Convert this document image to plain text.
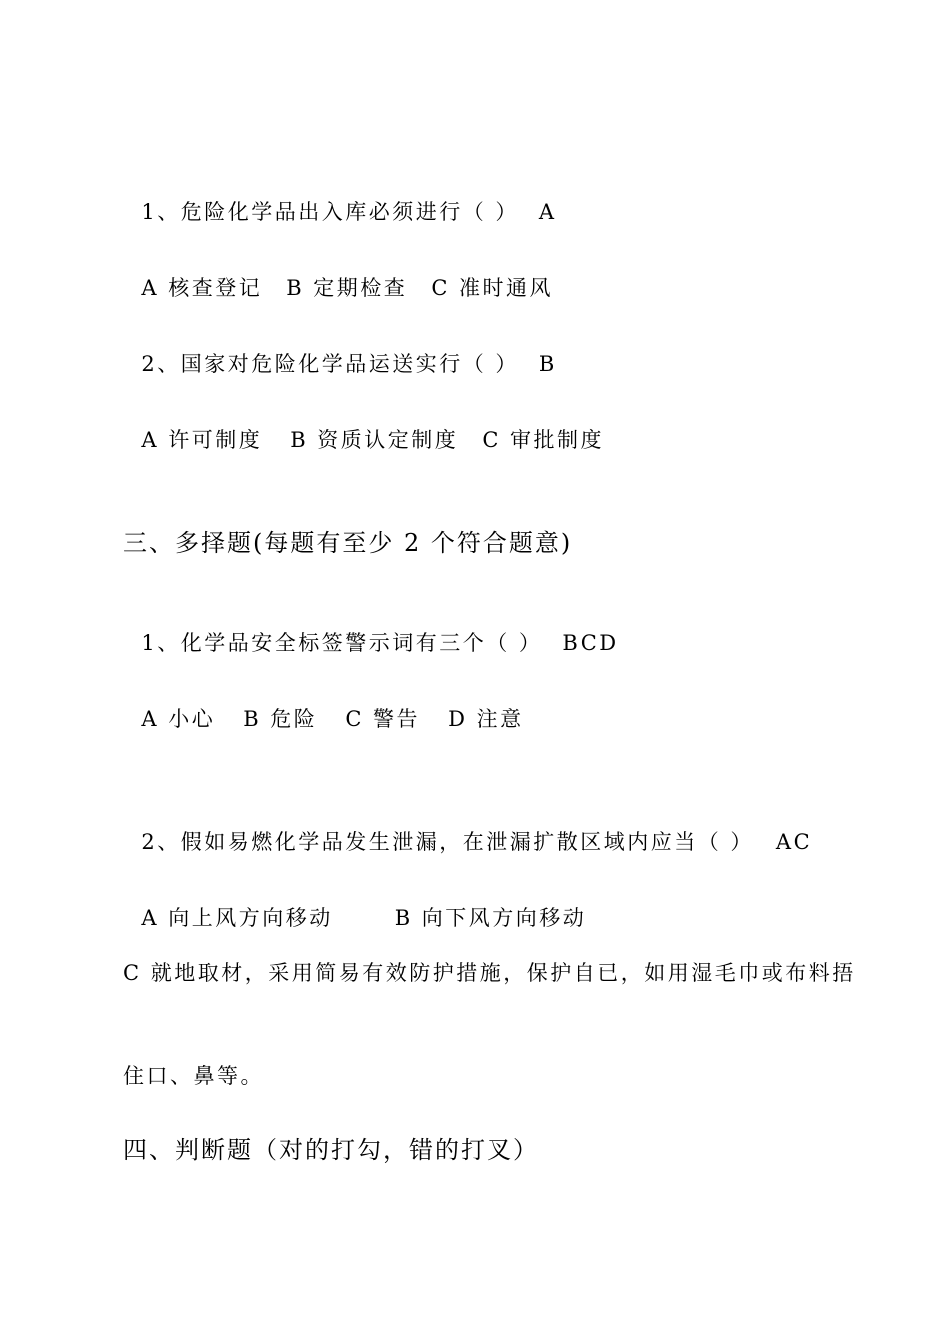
1、危险化学品出入库必须进行（ ） A

A 核查登记 B 定期检查 C 准时通风

2、国家对危险化学品运送实行（ ） B

A 许可制度 B 资质认定制度 C 审批制度

三、多择题(每题有至少 2 个符合题意)

1、化学品安全标签警示词有三个（ ） BCD

A 小心 B 危险 C 警告 D 注意

2、假如易燃化学品发生泄漏，在泄漏扩散区域内应当（ ） AC

A 向上风方向移动	B 向下风方向移动

C 就地取材，采用简易有效防护措施，保护自已，如用湿毛巾或布料捂
住口、鼻等。
四、判断题（对的打勾，错的打叉）
